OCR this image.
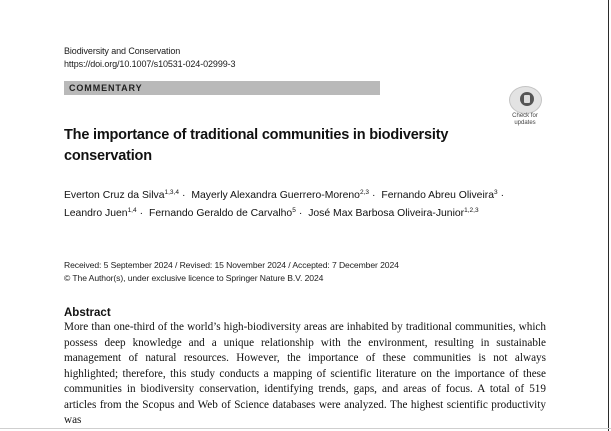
Biodiversity and Conservation
https://doi.org/10.1007/s10531-024-02999-3
COMMENTARY
Check for
updates
The importance of traditional communities in biodiversity conservation
Everton Cruz da Silva$^{1,3,4}$ · Mayerly Alexandra Guerrero-Moreno$^{2,3}$ · Fernando Abreu Oliveira$^3$ · Leandro Juen$^{1,4}$ · Fernando Geraldo de Carvalho$^5$ · José Max Barbosa Oliveira-Junior$^{1,2,3}$
Received: 5 September 2024 / Revised: 15 November 2024 / Accepted: 7 December 2024
© The Author(s), under exclusive licence to Springer Nature B.V. 2024
Abstract

More than one-third of the world’s high-biodiversity areas are inhabited by traditional communities, which possess deep knowledge and a unique relationship with the environment, resulting in sustainable management of natural resources. However, the importance of these communities is not always highlighted; therefore, this study conducts a mapping of scientific literature on the importance of these communities in biodiversity conservation, identifying trends, gaps, and areas of focus. A total of 519 articles from the Scopus and Web of Science databases were analyzed. The highest scientific productivity was
